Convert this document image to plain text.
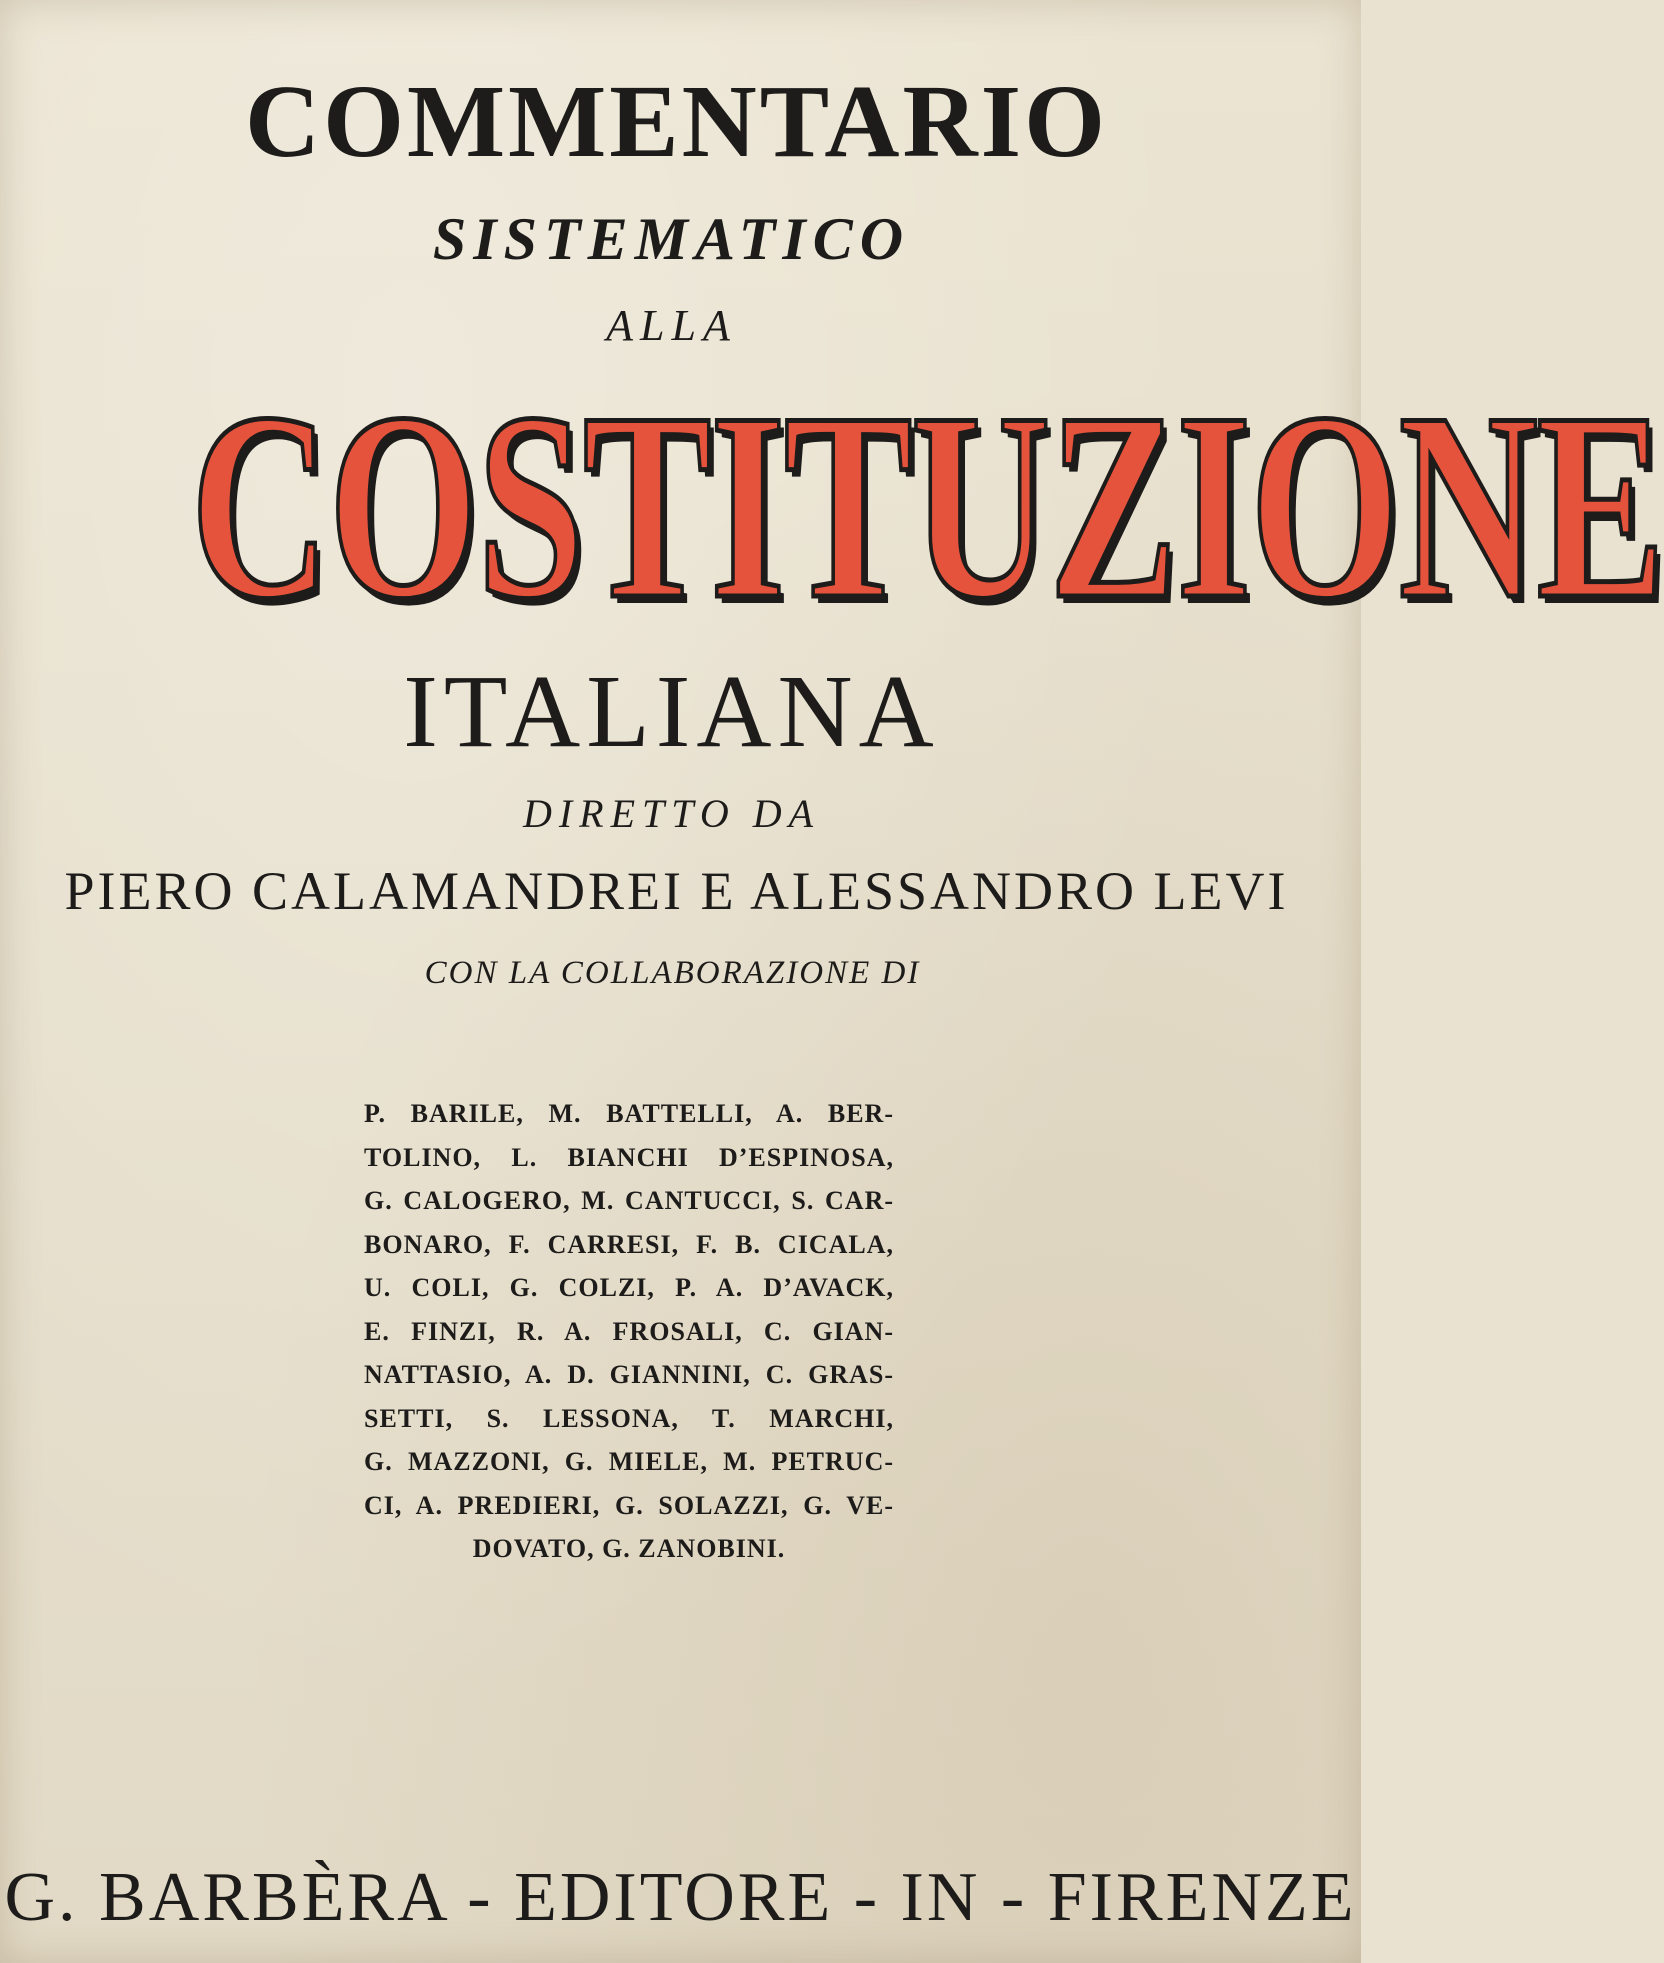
COMMENTARIO
SISTEMATICO
ALLA
COSTITUZIONE
ITALIANA
DIRETTO DA
PIERO CALAMANDREI E ALESSANDRO LEVI
CON LA COLLABORAZIONE DI
P. BARILE, M. BATTELLI, A. BER-
TOLINO, L. BIANCHI D’ESPINOSA,
G. CALOGERO, M. CANTUCCI, S. CAR-
BONARO, F. CARRESI, F. B. CICALA,
U. COLI, G. COLZI, P. A. D’AVACK,
E. FINZI, R. A. FROSALI, C. GIAN-
NATTASIO, A. D. GIANNINI, C. GRAS-
SETTI, S. LESSONA, T. MARCHI,
G. MAZZONI, G. MIELE, M. PETRUC-
CI, A. PREDIERI, G. SOLAZZI, G. VE-
DOVATO, G. ZANOBINI.
G. BARBÈRA - EDITORE - IN - FIRENZE
